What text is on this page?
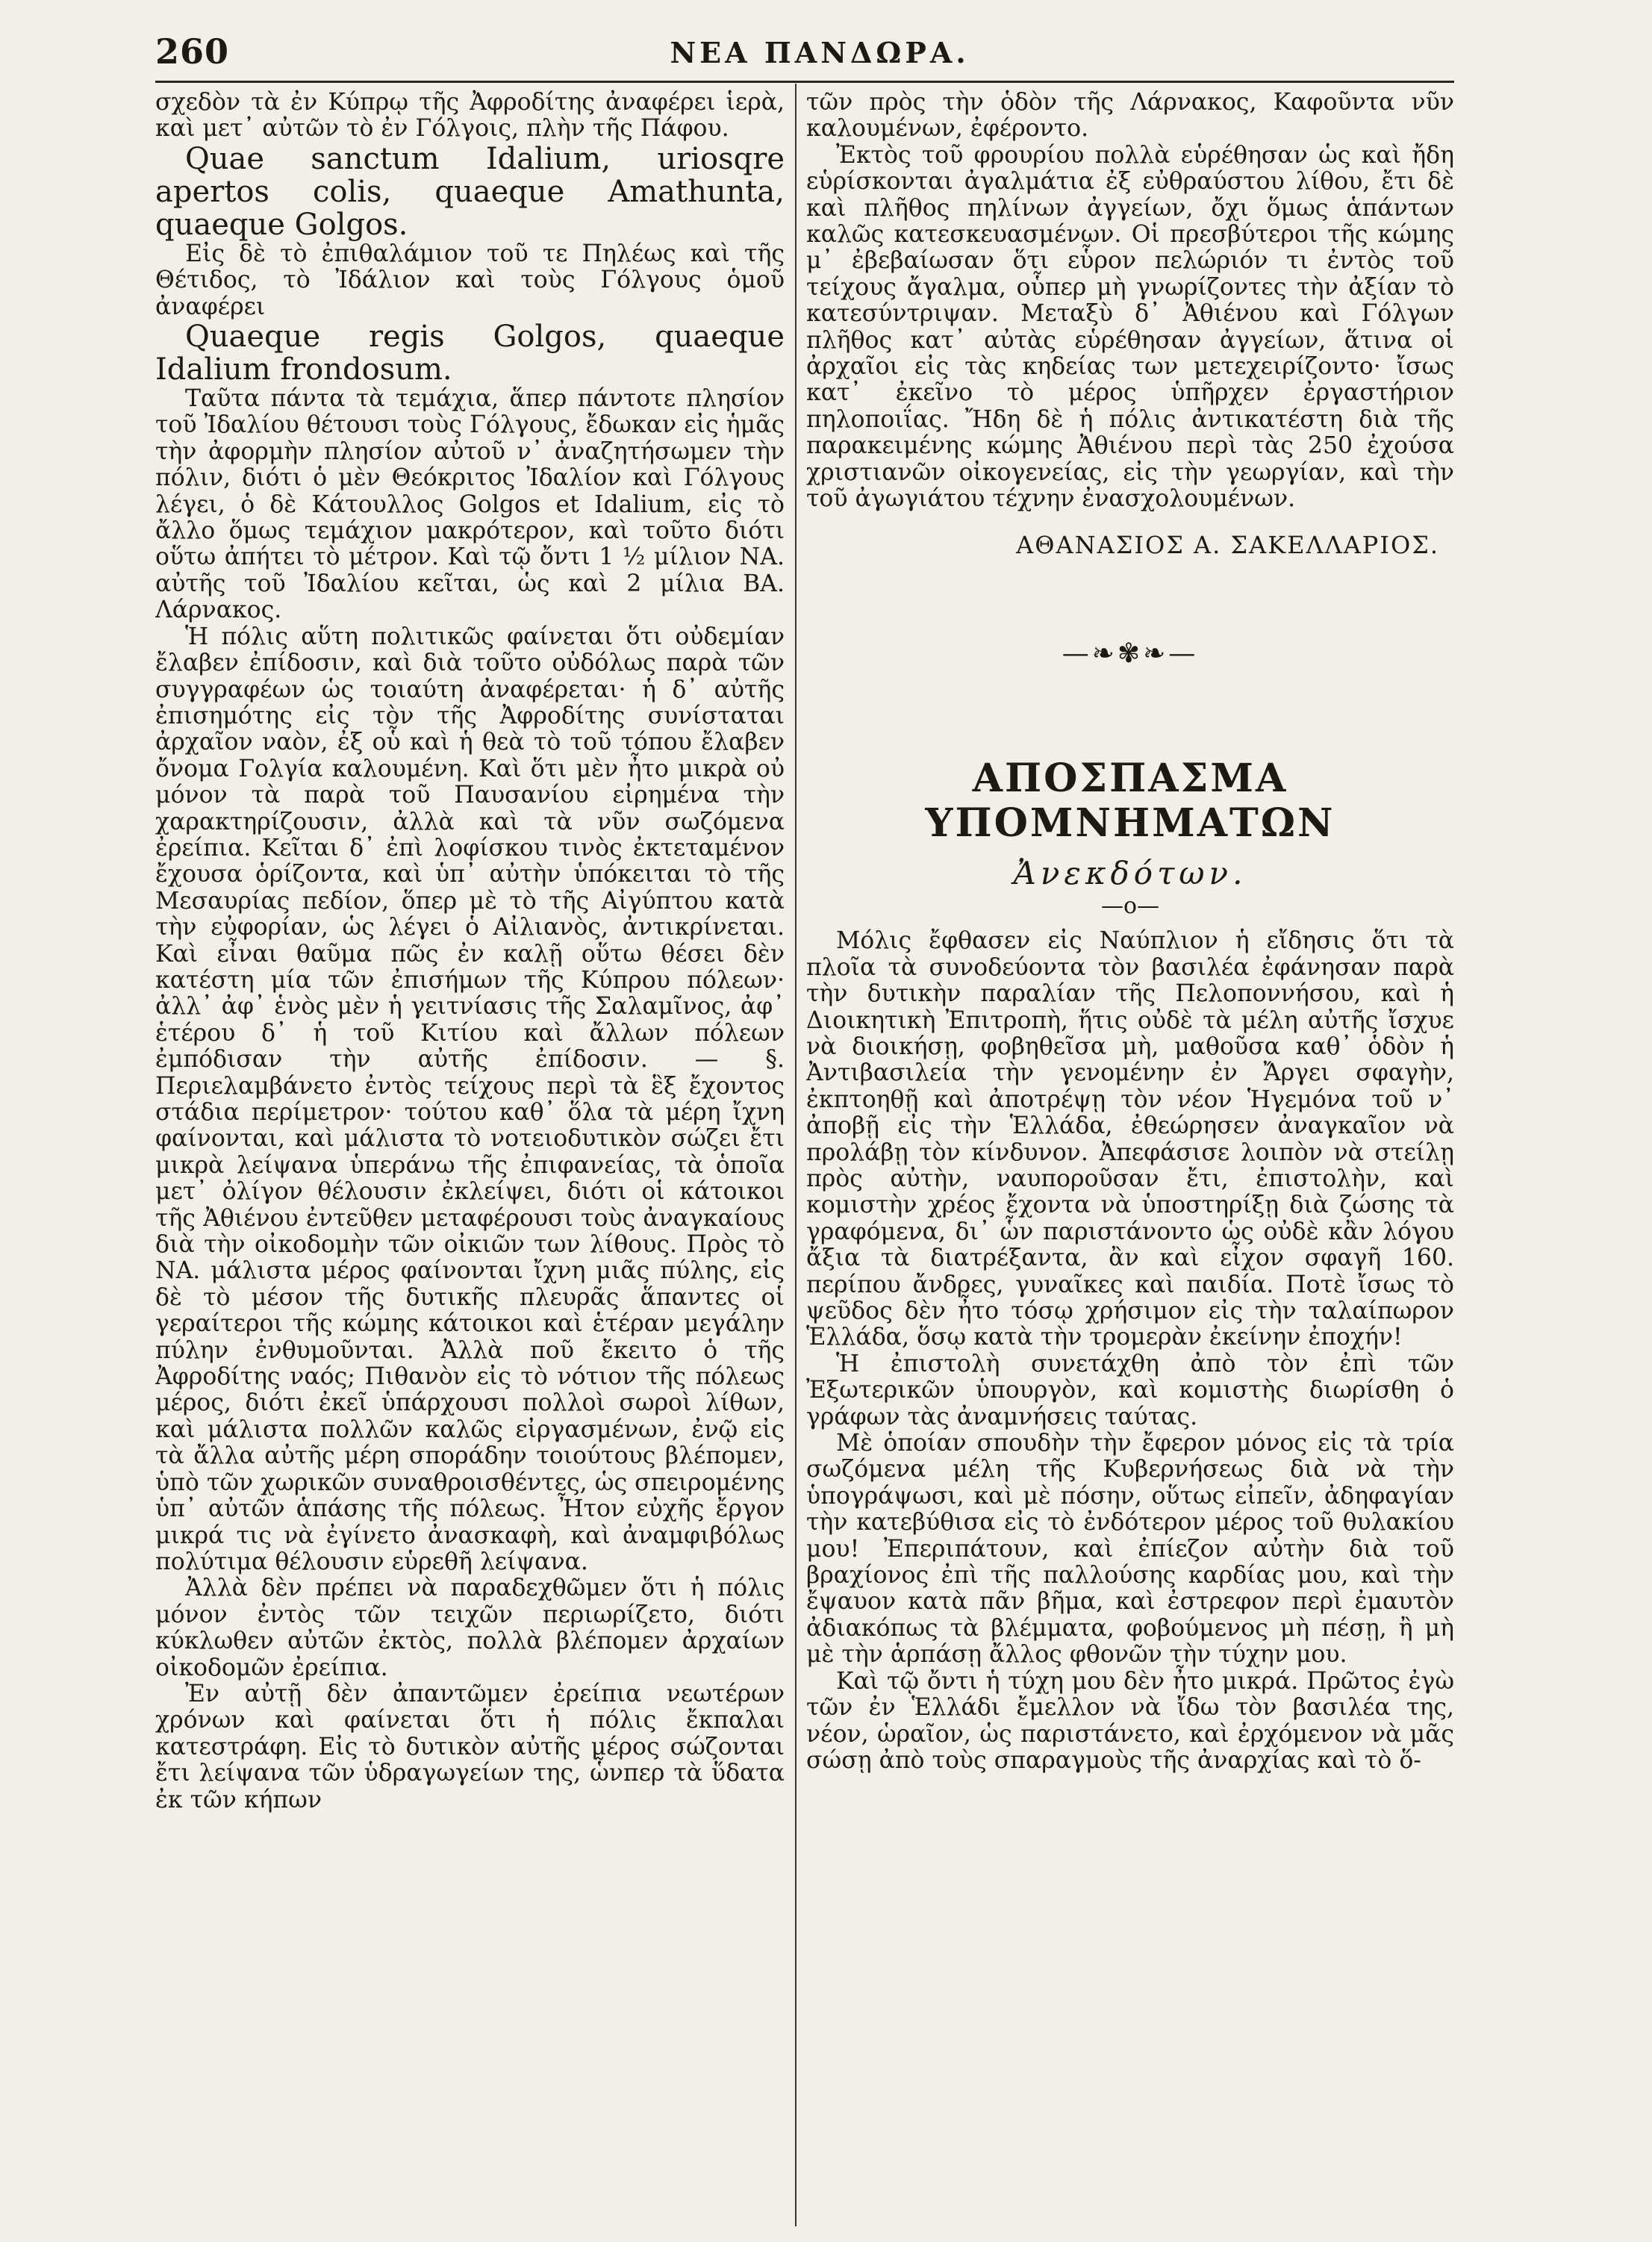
260	ΝΕΑ ΠΑΝΔΩΡΑ.

σχεδὸν τὰ ἐν Κύπρῳ τῆς Ἀφροδίτης ἀναφέρει ἱερὰ, καὶ μετ᾽ αὐτῶν τὸ ἐν Γόλγοις, πλὴν τῆς Πάφου.

Quae sanctum Idalium, uriosqre apertos colis, quaeque Amathunta, quaeque Golgos.

Εἰς δὲ τὸ ἐπιθαλάμιον τοῦ τε Πηλέως καὶ τῆς Θέτιδος, τὸ Ἰδάλιον καὶ τοὺς Γόλγους ὁμοῦ ἀναφέρει

Quaeque regis Golgos, quaeque Idalium frondosum.

Ταῦτα πάντα τὰ τεμάχια, ἅπερ πάντοτε πλησίον τοῦ Ἰδαλίου θέτουσι τοὺς Γόλγους, ἔδωκαν εἰς ἡμᾶς τὴν ἀφορμὴν πλησίον αὐτοῦ ν᾽ ἀναζητήσωμεν τὴν πόλιν, διότι ὁ μὲν Θεόκριτος Ἰδαλίον καὶ Γόλγους λέγει, ὁ δὲ Κάτουλλος Golgos et Idalium, εἰς τὸ ἄλλο ὅμως τεμάχιον μακρότερον, καὶ τοῦτο διότι οὕτω ἀπήτει τὸ μέτρον. Καὶ τῷ ὄντι 1 ½ μίλιον ΝΑ. αὐτῆς τοῦ Ἰδαλίου κεῖται, ὡς καὶ 2 μίλια ΒΑ. Λάρνακος.

Ἡ πόλις αὕτη πολιτικῶς φαίνεται ὅτι οὐδεμίαν ἔλαβεν ἐπίδοσιν, καὶ διὰ τοῦτο οὐδόλως παρὰ τῶν συγγραφέων ὡς τοιαύτη ἀναφέρεται· ἡ δ᾽ αὐτῆς ἐπισημότης εἰς τὸν τῆς Ἀφροδίτης συνίσταται ἀρχαῖον ναὸν, ἐξ οὗ καὶ ἡ θεὰ τὸ τοῦ τόπου ἔλαβεν ὄνομα Γολγία καλουμένη. Καὶ ὅτι μὲν ἦτο μικρὰ οὐ μόνον τὰ παρὰ τοῦ Παυσανίου εἰρημένα τὴν χαρακτηρίζουσιν, ἀλλὰ καὶ τὰ νῦν σωζόμενα ἐρείπια. Κεῖται δ᾽ ἐπὶ λοφίσκου τινὸς ἐκτεταμένον ἔχουσα ὁρίζοντα, καὶ ὑπ᾽ αὐτὴν ὑπόκειται τὸ τῆς Μεσαυρίας πεδίον, ὅπερ μὲ τὸ τῆς Αἰγύπτου κατὰ τὴν εὐφορίαν, ὡς λέγει ὁ Αἰλιανὸς, ἀντικρίνεται. Καὶ εἶναι θαῦμα πῶς ἐν καλῇ οὕτω θέσει δὲν κατέστη μία τῶν ἐπισήμων τῆς Κύπρου πόλεων· ἀλλ᾽ ἀφ᾽ ἑνὸς μὲν ἡ γειτνίασις τῆς Σαλαμῖνος, ἀφ᾽ ἑτέρου δ᾽ ἡ τοῦ Κιτίου καὶ ἄλλων πόλεων ἐμπόδισαν τὴν αὐτῆς ἐπίδοσιν. — §. Περιελαμβάνετο ἐντὸς τείχους περὶ τὰ ἓξ ἔχοντος στάδια περίμετρον· τούτου καθ᾽ ὅλα τὰ μέρη ἴχνη φαίνονται, καὶ μάλιστα τὸ νοτειοδυτικὸν σώζει ἔτι μικρὰ λείψανα ὑπεράνω τῆς ἐπιφανείας, τὰ ὁποῖα μετ᾽ ὀλίγον θέλουσιν ἐκλείψει, διότι οἱ κάτοικοι τῆς Ἀθιένου ἐντεῦθεν μεταφέρουσι τοὺς ἀναγκαίους διὰ τὴν οἰκοδομὴν τῶν οἰκιῶν των λίθους. Πρὸς τὸ ΝΑ. μάλιστα μέρος φαίνονται ἴχνη μιᾶς πύλης, εἰς δὲ τὸ μέσον τῆς δυτικῆς πλευρᾶς ἅπαντες οἱ γεραίτεροι τῆς κώμης κάτοικοι καὶ ἑτέραν μεγάλην πύλην ἐνθυμοῦνται. Ἀλλὰ ποῦ ἔκειτο ὁ τῆς Ἀφροδίτης ναός; Πιθανὸν εἰς τὸ νότιον τῆς πόλεως μέρος, διότι ἐκεῖ ὑπάρχουσι πολλοὶ σωροὶ λίθων, καὶ μάλιστα πολλῶν καλῶς εἰργασμένων, ἐνῷ εἰς τὰ ἄλλα αὐτῆς μέρη σποράδην τοιούτους βλέπομεν, ὑπὸ τῶν χωρικῶν συναθροισθέντες, ὡς σπειρομένης ὑπ᾽ αὐτῶν ἁπάσης τῆς πόλεως. Ἦτον εὐχῆς ἔργον μικρά τις νὰ ἐγίνετο ἀνασκαφὴ, καὶ ἀναμφιβόλως πολύτιμα θέλουσιν εὑρεθῆ λείψανα.

Ἀλλὰ δὲν πρέπει νὰ παραδεχθῶμεν ὅτι ἡ πόλις μόνον ἐντὸς τῶν τειχῶν περιωρίζετο, διότι κύκλωθεν αὐτῶν ἐκτὸς, πολλὰ βλέπομεν ἀρχαίων οἰκοδομῶν ἐρείπια.

Ἐν αὐτῇ δὲν ἀπαντῶμεν ἐρείπια νεωτέρων χρόνων καὶ φαίνεται ὅτι ἡ πόλις ἔκπαλαι κατεστράφη. Εἰς τὸ δυτικὸν αὐτῆς μέρος σώζονται ἔτι λείψανα τῶν ὑδραγωγείων της, ὧνπερ τὰ ὕδατα ἐκ τῶν κήπων

τῶν πρὸς τὴν ὁδὸν τῆς Λάρνακος, Καφοῦντα νῦν καλουμένων, ἐφέροντο.

Ἐκτὸς τοῦ φρουρίου πολλὰ εὑρέθησαν ὡς καὶ ἤδη εὑρίσκονται ἀγαλμάτια ἐξ εὐθραύστου λίθου, ἔτι δὲ καὶ πλῆθος πηλίνων ἀγγείων, ὄχι ὅμως ἁπάντων καλῶς κατεσκευασμένων. Οἱ πρεσβύτεροι τῆς κώμης μ᾽ ἐβεβαίωσαν ὅτι εὗρον πελώριόν τι ἐντὸς τοῦ τείχους ἄγαλμα, οὗπερ μὴ γνωρίζοντες τὴν ἀξίαν τὸ κατεσύντριψαν. Μεταξὺ δ᾽ Ἀθιένου καὶ Γόλγων πλῆθος κατ᾽ αὐτὰς εὑρέθησαν ἀγγείων, ἅτινα οἱ ἀρχαῖοι εἰς τὰς κηδείας των μετεχειρίζοντο· ἴσως κατ᾽ ἐκεῖνο τὸ μέρος ὑπῆρχεν ἐργαστήριον πηλοποιΐας. Ἤδη δὲ ἡ πόλις ἀντικατέστη διὰ τῆς παρακειμένης κώμης Ἀθιένου περὶ τὰς 250 ἐχούσα χριστιανῶν οἰκογενείας, εἰς τὴν γεωργίαν, καὶ τὴν τοῦ ἀγωγιάτου τέχνην ἐνασχολουμένων.

ΑΘΑΝΑΣΙΟΣ Α. ΣΑΚΕΛΛΑΡΙΟΣ.
—❧✾❧—
ΑΠΟΣΠΑΣΜΑ ΥΠΟΜΝΗΜΑΤΩΝ
Ἀνεκδότων.
—o—

Μόλις ἔφθασεν εἰς Ναύπλιον ἡ εἴδησις ὅτι τὰ πλοῖα τὰ συνοδεύοντα τὸν βασιλέα ἐφάνησαν παρὰ τὴν δυτικὴν παραλίαν τῆς Πελοποννήσου, καὶ ἡ Διοικητικὴ Ἐπιτροπὴ, ἥτις οὐδὲ τὰ μέλη αὐτῆς ἴσχυε νὰ διοικήσῃ, φοβηθεῖσα μὴ, μαθοῦσα καθ᾽ ὁδὸν ἡ Ἀντιβασιλεία τὴν γενομένην ἐν Ἄργει σφαγὴν, ἐκπτοηθῇ καὶ ἀποτρέψῃ τὸν νέον Ἡγεμόνα τοῦ ν᾽ ἀποβῇ εἰς τὴν Ἑλλάδα, ἐθεώρησεν ἀναγκαῖον νὰ προλάβῃ τὸν κίνδυνον. Ἀπεφάσισε λοιπὸν νὰ στείλῃ πρὸς αὐτὴν, ναυποροῦσαν ἔτι, ἐπιστολὴν, καὶ κομιστὴν χρέος ἔχοντα νὰ ὑποστηρίξῃ διὰ ζώσης τὰ γραφόμενα, δι᾽ ὧν παριστάνοντο ὡς οὐδὲ κἂν λόγου ἄξια τὰ διατρέξαντα, ἂν καὶ εἶχον σφαγῆ 160. περίπου ἄνδρες, γυναῖκες καὶ παιδία. Ποτὲ ἴσως τὸ ψεῦδος δὲν ἦτο τόσῳ χρήσιμον εἰς τὴν ταλαίπωρον Ἑλλάδα, ὅσῳ κατὰ τὴν τρομερὰν ἐκείνην ἐποχήν!

Ἡ ἐπιστολὴ συνετάχθη ἀπὸ τὸν ἐπὶ τῶν Ἐξωτερικῶν ὑπουργὸν, καὶ κομιστὴς διωρίσθη ὁ γράφων τὰς ἀναμνήσεις ταύτας.

Μὲ ὁποίαν σπουδὴν τὴν ἔφερον μόνος εἰς τὰ τρία σωζόμενα μέλη τῆς Κυβερνήσεως διὰ νὰ τὴν ὑπογράψωσι, καὶ μὲ πόσην, οὕτως εἰπεῖν, ἀδηφαγίαν τὴν κατεβύθισα εἰς τὸ ἐνδότερον μέρος τοῦ θυλακίου μου! Ἐπεριπάτουν, καὶ ἐπίεζον αὐτὴν διὰ τοῦ βραχίονος ἐπὶ τῆς παλλούσης καρδίας μου, καὶ τὴν ἔψαυον κατὰ πᾶν βῆμα, καὶ ἐστρεφον περὶ ἐμαυτὸν ἀδιακόπως τὰ βλέμματα, φοβούμενος μὴ πέσῃ, ἢ μὴ μὲ τὴν ἁρπάσῃ ἄλλος φθονῶν τὴν τύχην μου.

Καὶ τῷ ὄντι ἡ τύχη μου δὲν ἦτο μικρά. Πρῶτος ἐγὼ τῶν ἐν Ἑλλάδι ἔμελλον νὰ ἴδω τὸν βασιλέα της, νέον, ὡραῖον, ὡς παριστάνετο, καὶ ἐρχόμενον νὰ μᾶς σώσῃ ἀπὸ τοὺς σπαραγμοὺς τῆς ἀναρχίας καὶ τὸ ὅ-
